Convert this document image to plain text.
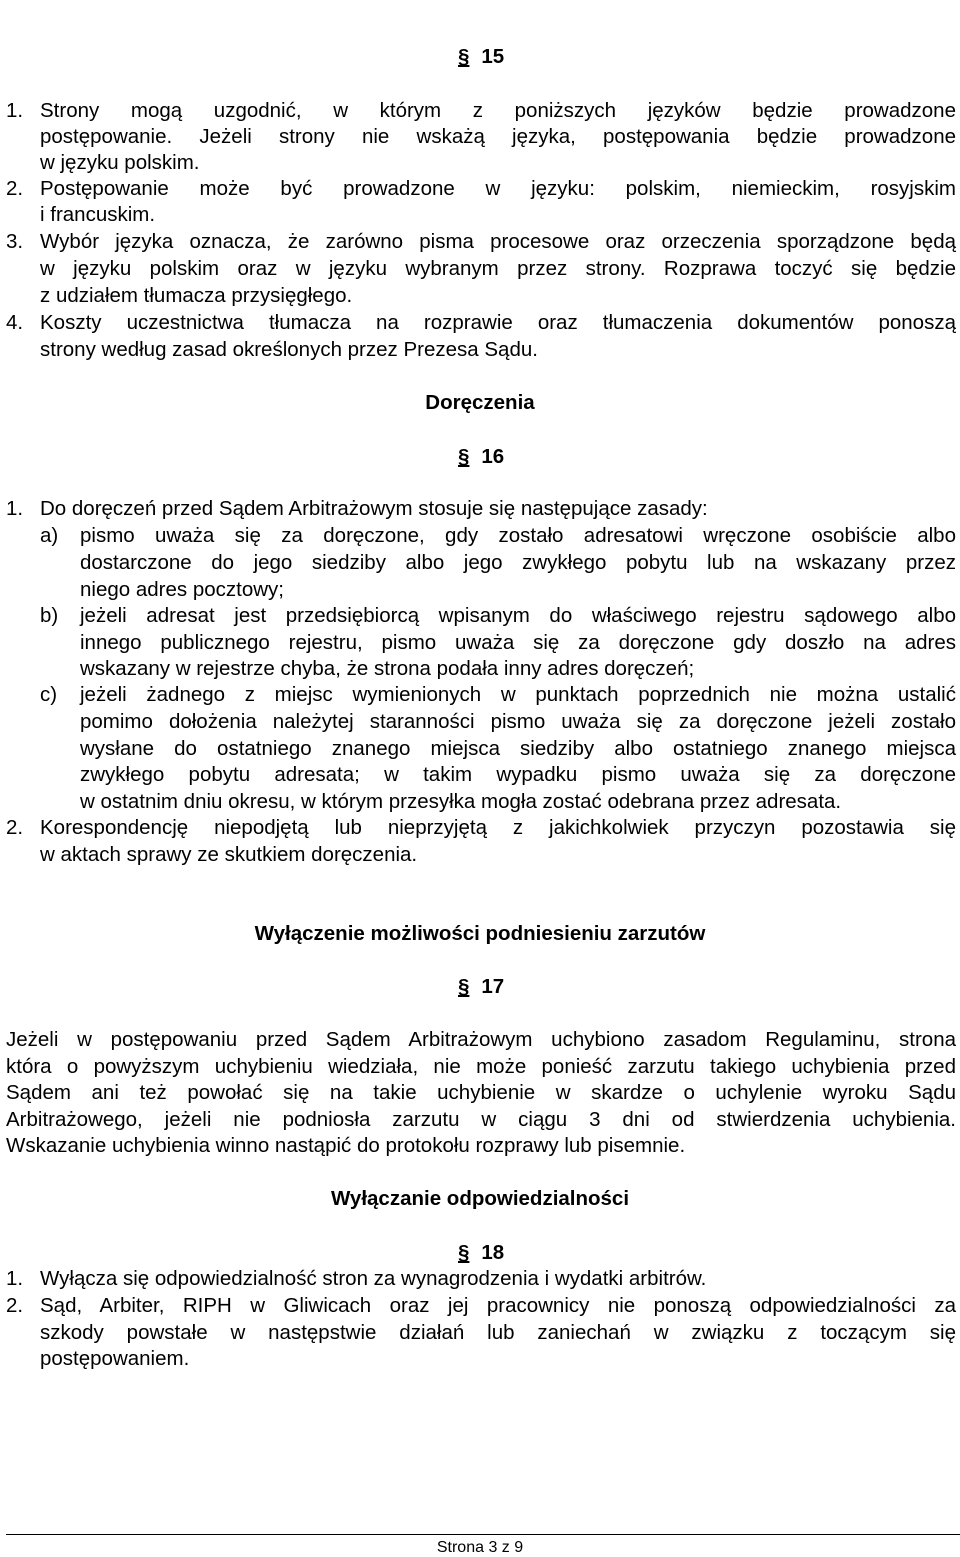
§ 15
1. Strony mogą uzgodnić, w którym z poniższych języków będzie prowadzone
postępowanie. Jeżeli strony nie wskażą języka, postępowania będzie prowadzone
w języku polskim.
2. Postępowanie może być prowadzone w języku: polskim, niemieckim, rosyjskim
i francuskim.
3. Wybór języka oznacza, że zarówno pisma procesowe oraz orzeczenia sporządzone będą
w języku polskim oraz w języku wybranym przez strony. Rozprawa toczyć się będzie
z udziałem tłumacza przysięgłego.
4. Koszty uczestnictwa tłumacza na rozprawie oraz tłumaczenia dokumentów ponoszą
strony według zasad określonych przez Prezesa Sądu.
Doręczenia
§ 16
1. Do doręczeń przed Sądem Arbitrażowym stosuje się następujące zasady:
a) pismo uważa się za doręczone, gdy zostało adresatowi wręczone osobiście albo
dostarczone do jego siedziby albo jego zwykłego pobytu lub na wskazany przez
niego adres pocztowy;
b) jeżeli adresat jest przedsiębiorcą wpisanym do właściwego rejestru sądowego albo
innego publicznego rejestru, pismo uważa się za doręczone gdy doszło na adres
wskazany w rejestrze chyba, że strona podała inny adres doręczeń;
c) jeżeli żadnego z miejsc wymienionych w punktach poprzednich nie można ustalić
pomimo dołożenia należytej staranności pismo uważa się za doręczone jeżeli zostało
wysłane do ostatniego znanego miejsca siedziby albo ostatniego znanego miejsca
zwykłego pobytu adresata; w takim wypadku pismo uważa się za doręczone
w ostatnim dniu okresu, w którym przesyłka mogła zostać odebrana przez adresata.
2. Korespondencję niepodjętą lub nieprzyjętą z jakichkolwiek przyczyn pozostawia się
w aktach sprawy ze skutkiem doręczenia.
Wyłączenie możliwości podniesieniu zarzutów
§ 17
Jeżeli w postępowaniu przed Sądem Arbitrażowym uchybiono zasadom Regulaminu, strona
która o powyższym uchybieniu wiedziała, nie może ponieść zarzutu takiego uchybienia przed
Sądem ani też powołać się na takie uchybienie w skardze o uchylenie wyroku Sądu
Arbitrażowego, jeżeli nie podniosła zarzutu w ciągu 3 dni od stwierdzenia uchybienia.
Wskazanie uchybienia winno nastąpić do protokołu rozprawy lub pisemnie.
Wyłączanie odpowiedzialności
§ 18
1. Wyłącza się odpowiedzialność stron za wynagrodzenia i wydatki arbitrów.
2. Sąd, Arbiter, RIPH w Gliwicach oraz jej pracownicy nie ponoszą odpowiedzialności za
szkody powstałe w następstwie działań lub zaniechań w związku z toczącym się
postępowaniem.
Strona 3 z 9
